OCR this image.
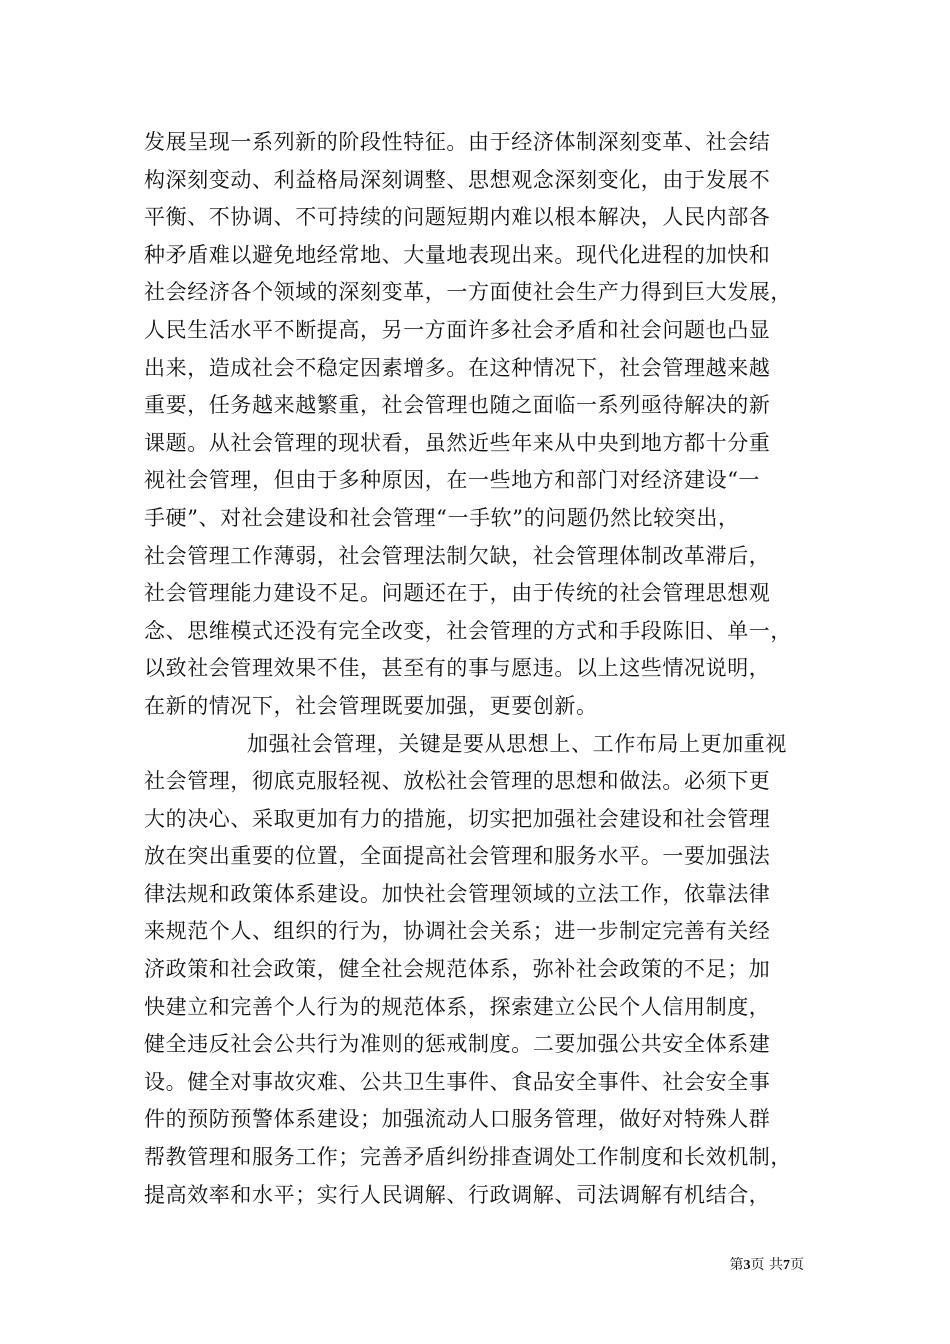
发展呈现一系列新的阶段性特征。由于经济体制深刻变革、社会结
构深刻变动、利益格局深刻调整、思想观念深刻变化，由于发展不
平衡、不协调、不可持续的问题短期内难以根本解决，人民内部各
种矛盾难以避免地经常地、大量地表现出来。现代化进程的加快和
社会经济各个领域的深刻变革，一方面使社会生产力得到巨大发展，
人民生活水平不断提高，另一方面许多社会矛盾和社会问题也凸显
出来，造成社会不稳定因素增多。在这种情况下，社会管理越来越
重要，任务越来越繁重，社会管理也随之面临一系列亟待解决的新
课题。从社会管理的现状看，虽然近些年来从中央到地方都十分重
视社会管理，但由于多种原因，在一些地方和部门对经济建设“一
手硬”、对社会建设和社会管理“一手软”的问题仍然比较突出，
社会管理工作薄弱，社会管理法制欠缺，社会管理体制改革滞后，
社会管理能力建设不足。问题还在于，由于传统的社会管理思想观
念、思维模式还没有完全改变，社会管理的方式和手段陈旧、单一，
以致社会管理效果不佳，甚至有的事与愿违。以上这些情况说明，
在新的情况下，社会管理既要加强，更要创新。
加强社会管理，关键是要从思想上、工作布局上更加重视
社会管理，彻底克服轻视、放松社会管理的思想和做法。必须下更
大的决心、采取更加有力的措施，切实把加强社会建设和社会管理
放在突出重要的位置，全面提高社会管理和服务水平。一要加强法
律法规和政策体系建设。加快社会管理领域的立法工作，依靠法律
来规范个人、组织的行为，协调社会关系；进一步制定完善有关经
济政策和社会政策，健全社会规范体系，弥补社会政策的不足；加
快建立和完善个人行为的规范体系，探索建立公民个人信用制度，
健全违反社会公共行为准则的惩戒制度。二要加强公共安全体系建
设。健全对事故灾难、公共卫生事件、食品安全事件、社会安全事
件的预防预警体系建设；加强流动人口服务管理，做好对特殊人群
帮教管理和服务工作；完善矛盾纠纷排查调处工作制度和长效机制，
提高效率和水平；实行人民调解、行政调解、司法调解有机结合，
第3页 共7页
